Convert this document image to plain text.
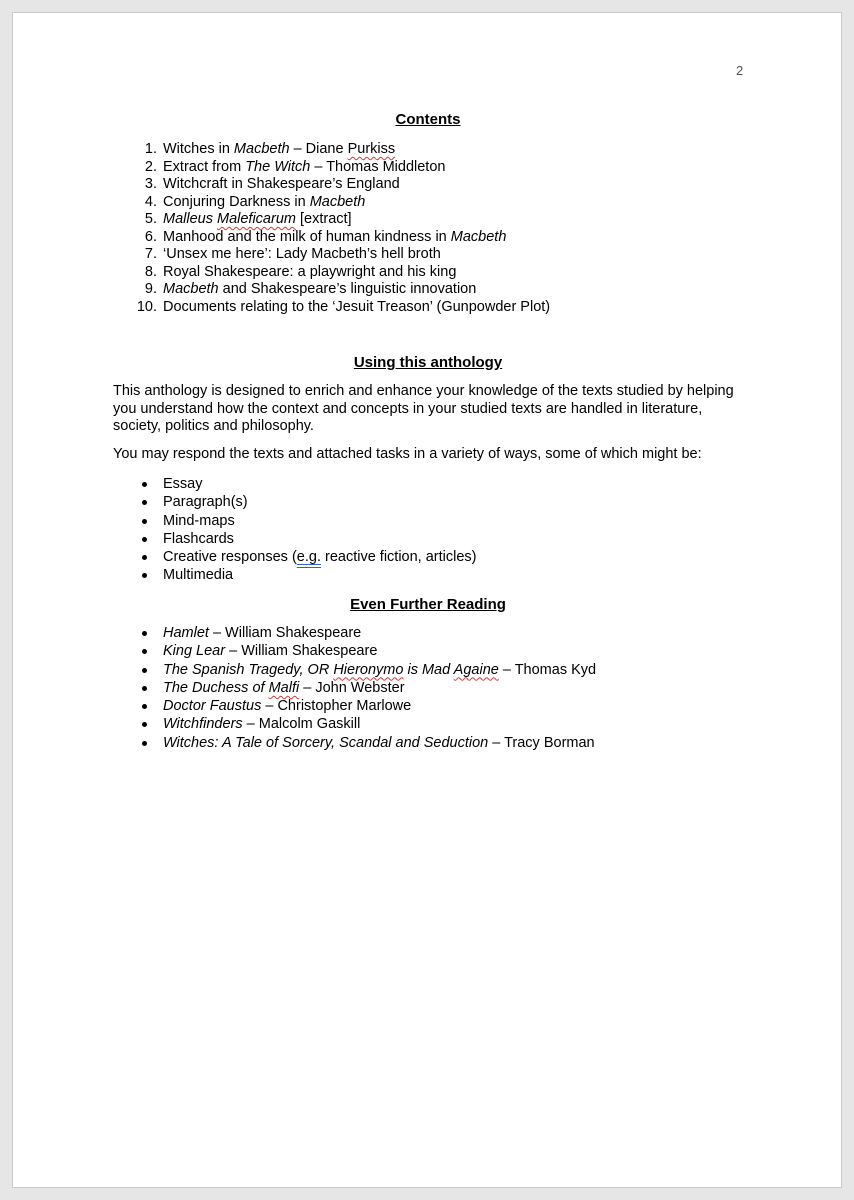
2
Contents
1. Witches in Macbeth – Diane Purkiss
2. Extract from The Witch – Thomas Middleton
3. Witchcraft in Shakespeare’s England
4. Conjuring Darkness in Macbeth
5. Malleus Maleficarum [extract]
6. Manhood and the milk of human kindness in Macbeth
7. ‘Unsex me here’: Lady Macbeth’s hell broth
8. Royal Shakespeare: a playwright and his king
9. Macbeth and Shakespeare’s linguistic innovation
10. Documents relating to the ‘Jesuit Treason’ (Gunpowder Plot)
Using this anthology

This anthology is designed to enrich and enhance your knowledge of the texts studied by helping you understand how the context and concepts in your studied texts are handled in literature, society, politics and philosophy.

You may respond the texts and attached tasks in a variety of ways, some of which might be:

Essay
Paragraph(s)
Mind-maps
Flashcards
Creative responses (e.g. reactive fiction, articles)
Multimedia
Even Further Reading
Hamlet – William Shakespeare
King Lear – William Shakespeare
The Spanish Tragedy, OR Hieronymo is Mad Againe – Thomas Kyd
The Duchess of Malfi – John Webster
Doctor Faustus – Christopher Marlowe
Witchfinders – Malcolm Gaskill
Witches: A Tale of Sorcery, Scandal and Seduction – Tracy Borman
